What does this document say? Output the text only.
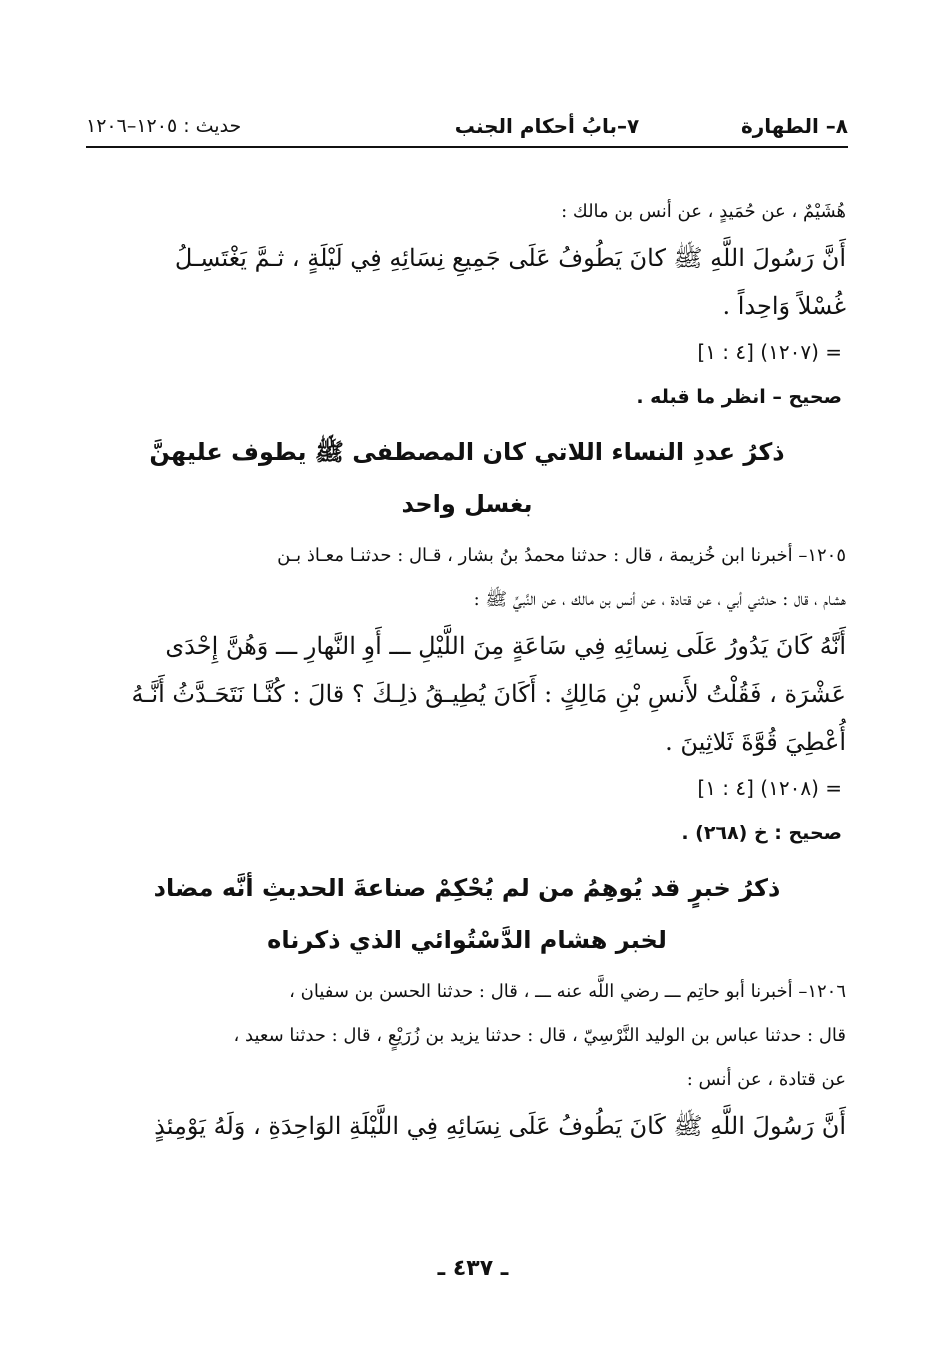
٨– الطهارة
٧–بابُ أحكام الجنب
حديث : ١٢٠٥–١٢٠٦

هُشَيْمٌ ، عن حُمَيدٍ ، عن أنس بن مالك :

أَنَّ رَسُولَ اللَّهِ ﷺ كانَ يَطُوفُ عَلَى جَمِيعِ نِسَائِهِ فِي لَيْلَةٍ ، ثـمَّ يَغْتَسِـلُ

غُسْلاً وَاحِداً .

= (١٢٠٧) [٤ : ١]

صحيح – انظر ما قبله .

ذكرُ عددِ النساء اللاتي كان المصطفى ﷺ يطوف عليهنَّ
بغسل واحد

١٢٠٥– أخبرنا ابن خُزيمة ، قال : حدثنا محمدُ بنُ بشار ، قـال : حدثنـا معـاذ بـن

هشام ، قال : حدثني أبي ، عن قتادة ، عن أنس بن مالك ، عن النَّبيِّ ﷺ :

أَنَّهُ كَانَ يَدُورُ عَلَى نِسائِهِ فِي سَاعَةٍ مِنَ اللَّيْلِ ـــ أَوِ النَّهارِ ـــ وَهُنَّ إِحْدَى

عَشْرَة ، فَقُلْتُ لأَنسِ بْنِ مَالِكٍ : أَكَانَ يُطِيـقُ ذلِـكَ ؟ قالَ : كُنَّـا نَتَحَـدَّثُ أَنَّـهُ

أُعْطِيَ قُوَّةَ ثَلاثِينَ .

= (١٢٠٨) [٤ : ١]

صحيح : خ (٢٦٨) .

ذكرُ خبرٍ قد يُوهِمُ من لم يُحْكِمْ صناعةَ الحديثِ أنَّه مضاد
لخبر هشام الدَّسْتُوائي الذي ذكرناه

١٢٠٦– أخبرنا أبو حاتِم ـــ رضي اللَّه عنه ـــ ، قال : حدثنا الحسن بن سفيان ،

قال : حدثنا عباس بن الوليد النَّرْسِيّ ، قال : حدثنا يزيد بن زُرَيْعٍ ، قال : حدثنا سعيد ،

عن قتادة ، عن أنس :

أَنَّ رَسُولَ اللَّهِ ﷺ كَانَ يَطُوفُ عَلَى نِسَائِهِ فِي اللَّيْلَةِ الوَاحِدَةِ ، وَلَهُ يَوْمِئذٍ

ـ ٤٣٧ ـ
